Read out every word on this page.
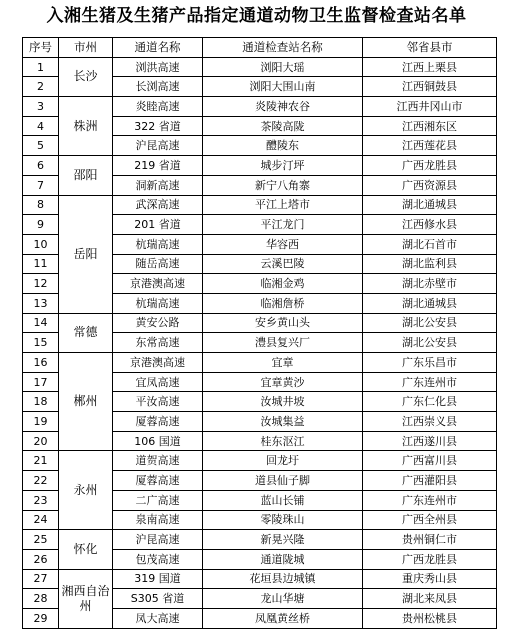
入湘生猪及生猪产品指定通道动物卫生监督检查站名单
序号	市州	通道名称	通道检查站名称	邻省县市
1	长沙	浏洪高速	浏阳大瑶	江西上栗县
2		长浏高速	浏阳大围山南	江西铜鼓县
3	株洲	炎睦高速	炎陵神农谷	江西井冈山市
4		322 省道	茶陵高陇	江西湘东区
5		沪昆高速	醴陵东	江西莲花县
6	邵阳	219 省道	城步汀坪	广西龙胜县
7		洞新高速	新宁八角寨	广西资源县
8	岳阳	武深高速	平江上塔市	湖北通城县
9		201 省道	平江龙门	江西修水县
10		杭瑞高速	华容西	湖北石首市
11		随岳高速	云溪巴陵	湖北监利县
12		京港澳高速	临湘金鸡	湖北赤壁市
13		杭瑞高速	临湘詹桥	湖北通城县
14	常德	黄安公路	安乡黄山头	湖北公安县
15		东常高速	澧县复兴厂	湖北公安县
16	郴州	京港澳高速	宜章	广东乐昌市
17		宜凤高速	宜章黄沙	广东连州市
18		平汝高速	汝城井坡	广东仁化县
19		厦蓉高速	汝城集益	江西崇义县
20		106 国道	桂东沤江	江西遂川县
21	永州	道贺高速	回龙圩	广西富川县
22		厦蓉高速	道县仙子脚	广西灌阳县
23		二广高速	蓝山长铺	广东连州市
24		泉南高速	零陵珠山	广西全州县
25	怀化	沪昆高速	新晃兴隆	贵州铜仁市
26		包茂高速	通道陇城	广西龙胜县
27	湘西自治州	319 国道	花垣县边城镇	重庆秀山县
28		S305 省道	龙山华塘	湖北来凤县
29		凤大高速	凤凰黄丝桥	贵州松桃县
